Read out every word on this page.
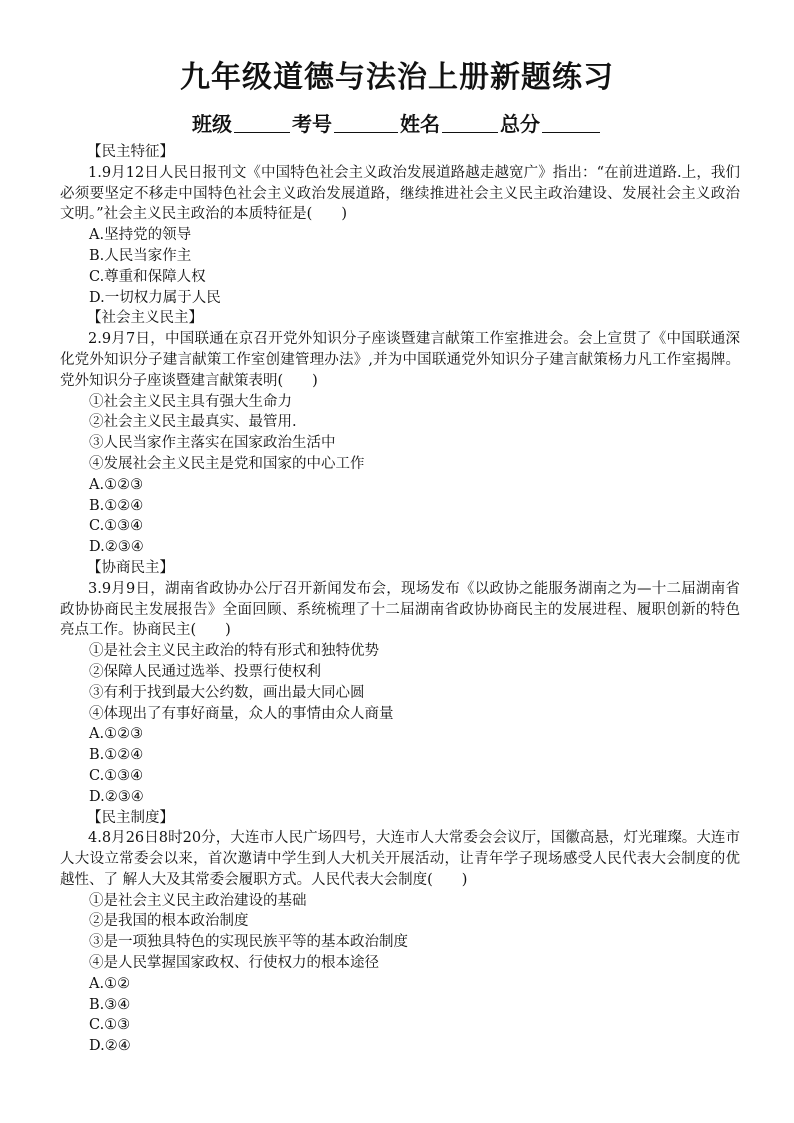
九年级道德与法治上册新题练习
班级	考号	姓名	总分

【民主特征】

1.9月12日人民日报刊文《中国特色社会主义政治发展道路越走越宽广》指出：“在前进道路.上，我们必须要坚定不移走中国特色社会主义政治发展道路，继续推进社会主义民主政治建设、发展社会主义政治文明。”社会主义民主政治的本质特征是(　　)

A.坚持党的领导

B.人民当家作主

C.尊重和保障人权

D.一切权力属于人民

【社会主义民主】

2.9月7日，中国联通在京召开党外知识分子座谈暨建言献策工作室推进会。会上宣贯了《中国联通深化党外知识分子建言献策工作室创建管理办法》,并为中国联通党外知识分子建言献策杨力凡工作室揭牌。党外知识分子座谈暨建言献策表明(　　)

①社会主义民主具有强大生命力

②社会主义民主最真实、最管用.

③人民当家作主落实在国家政治生活中

④发展社会主义民主是党和国家的中心工作

A.①②③

B.①②④

C.①③④

D.②③④

【协商民主】

3.9月9日，湖南省政协办公厅召开新闻发布会，现场发布《以政协之能服务湖南之为—十二届湖南省政协协商民主发展报告》全面回顾、系统梳理了十二届湖南省政协协商民主的发展进程、履职创新的特色亮点工作。协商民主(　　)

①是社会主义民主政治的特有形式和独特优势

②保障人民通过选举、投票行使权利

③有利于找到最大公约数，画出最大同心圆

④体现出了有事好商量，众人的事情由众人商量

A.①②③

B.①②④

C.①③④

D.②③④

【民主制度】

4.8月26日8时20分，大连市人民广场四号，大连市人大常委会会议厅，国徽高悬，灯光璀璨。大连市人大设立常委会以来，首次邀请中学生到人大机关开展活动，让青年学子现场感受人民代表大会制度的优越性、了 解人大及其常委会履职方式。人民代表大会制度(　　)

①是社会主义民主政治建设的基础

②是我国的根本政治制度

③是一项独具特色的实现民族平等的基本政治制度

④是人民掌握国家政权、行使权力的根本途径

A.①②

B.③④

C.①③

D.②④
